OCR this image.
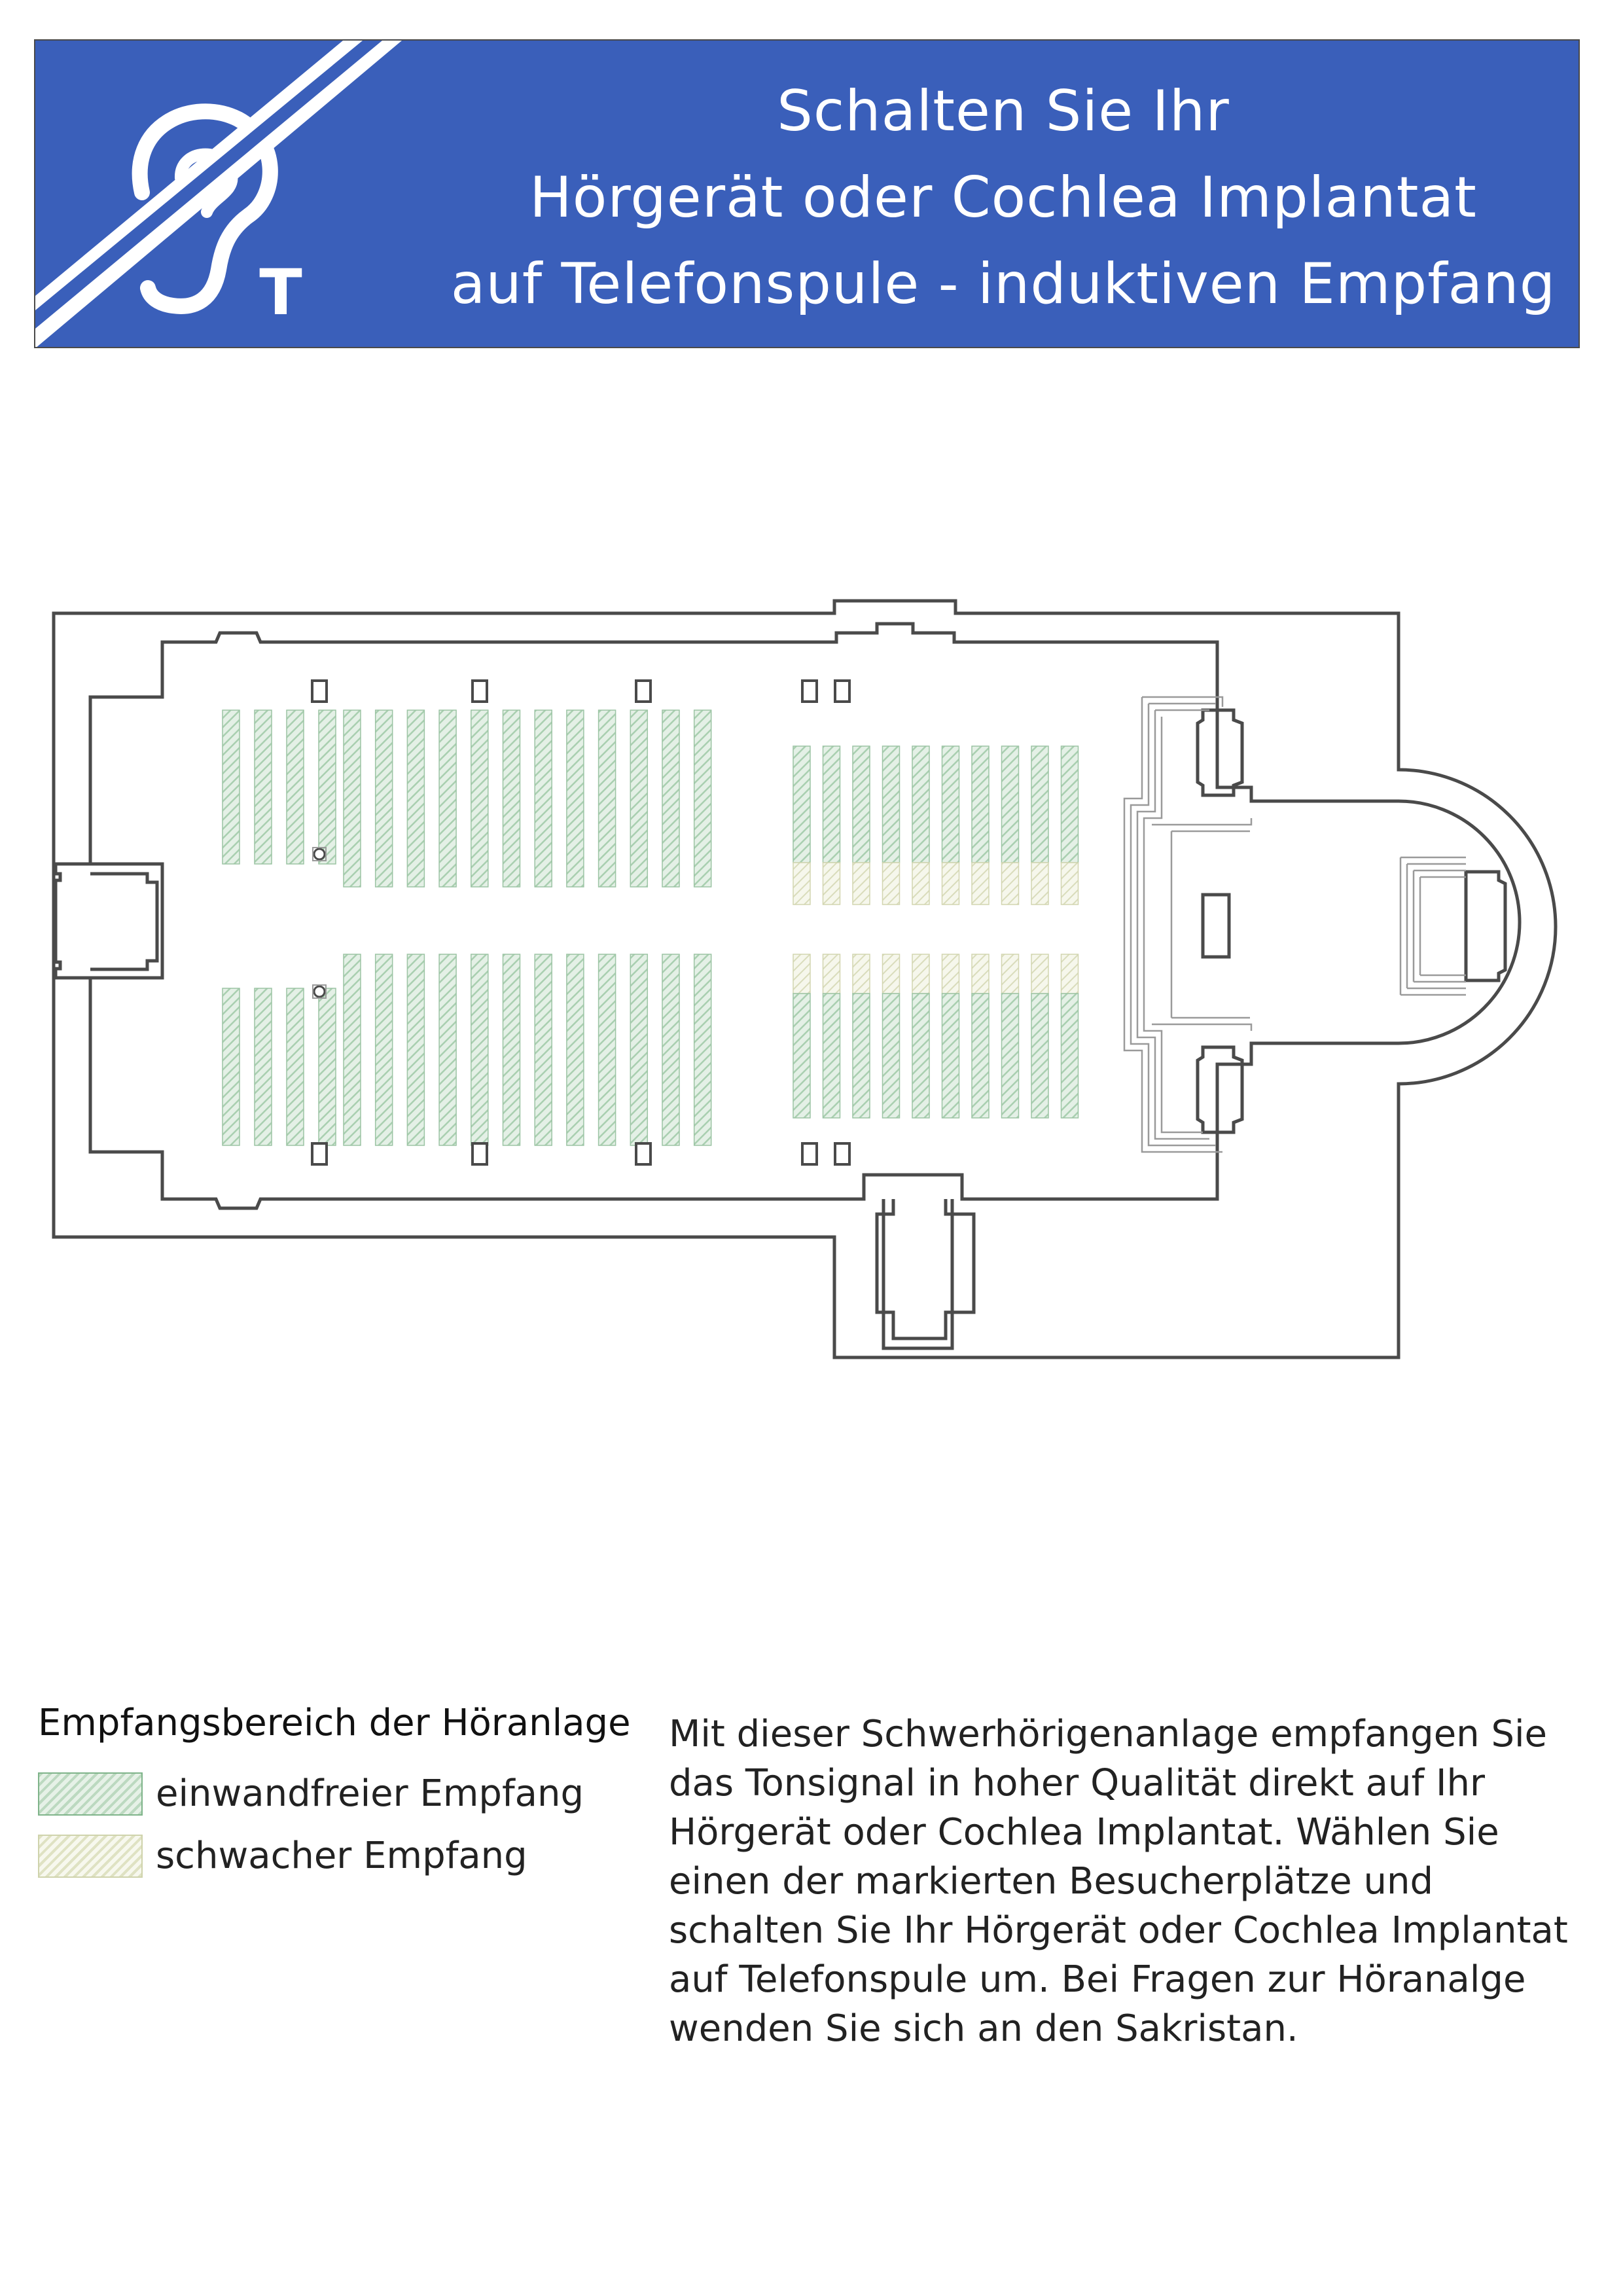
T
Schalten Sie Ihr
Hörgerät oder Cochlea Implantat
auf Telefonspule - induktiven Empfang
Empfangsbereich der Höranlage
einwandfreier Empfang
schwacher Empfang
Mit dieser Schwerhörigenanlage empfangen Sie
das Tonsignal in hoher Qualität direkt auf Ihr
Hörgerät oder Cochlea Implantat. Wählen Sie
einen der markierten Besucherplätze und
schalten Sie Ihr Hörgerät oder Cochlea Implantat
auf Telefonspule um. Bei Fragen zur Höranalge
wenden Sie sich an den Sakristan.
